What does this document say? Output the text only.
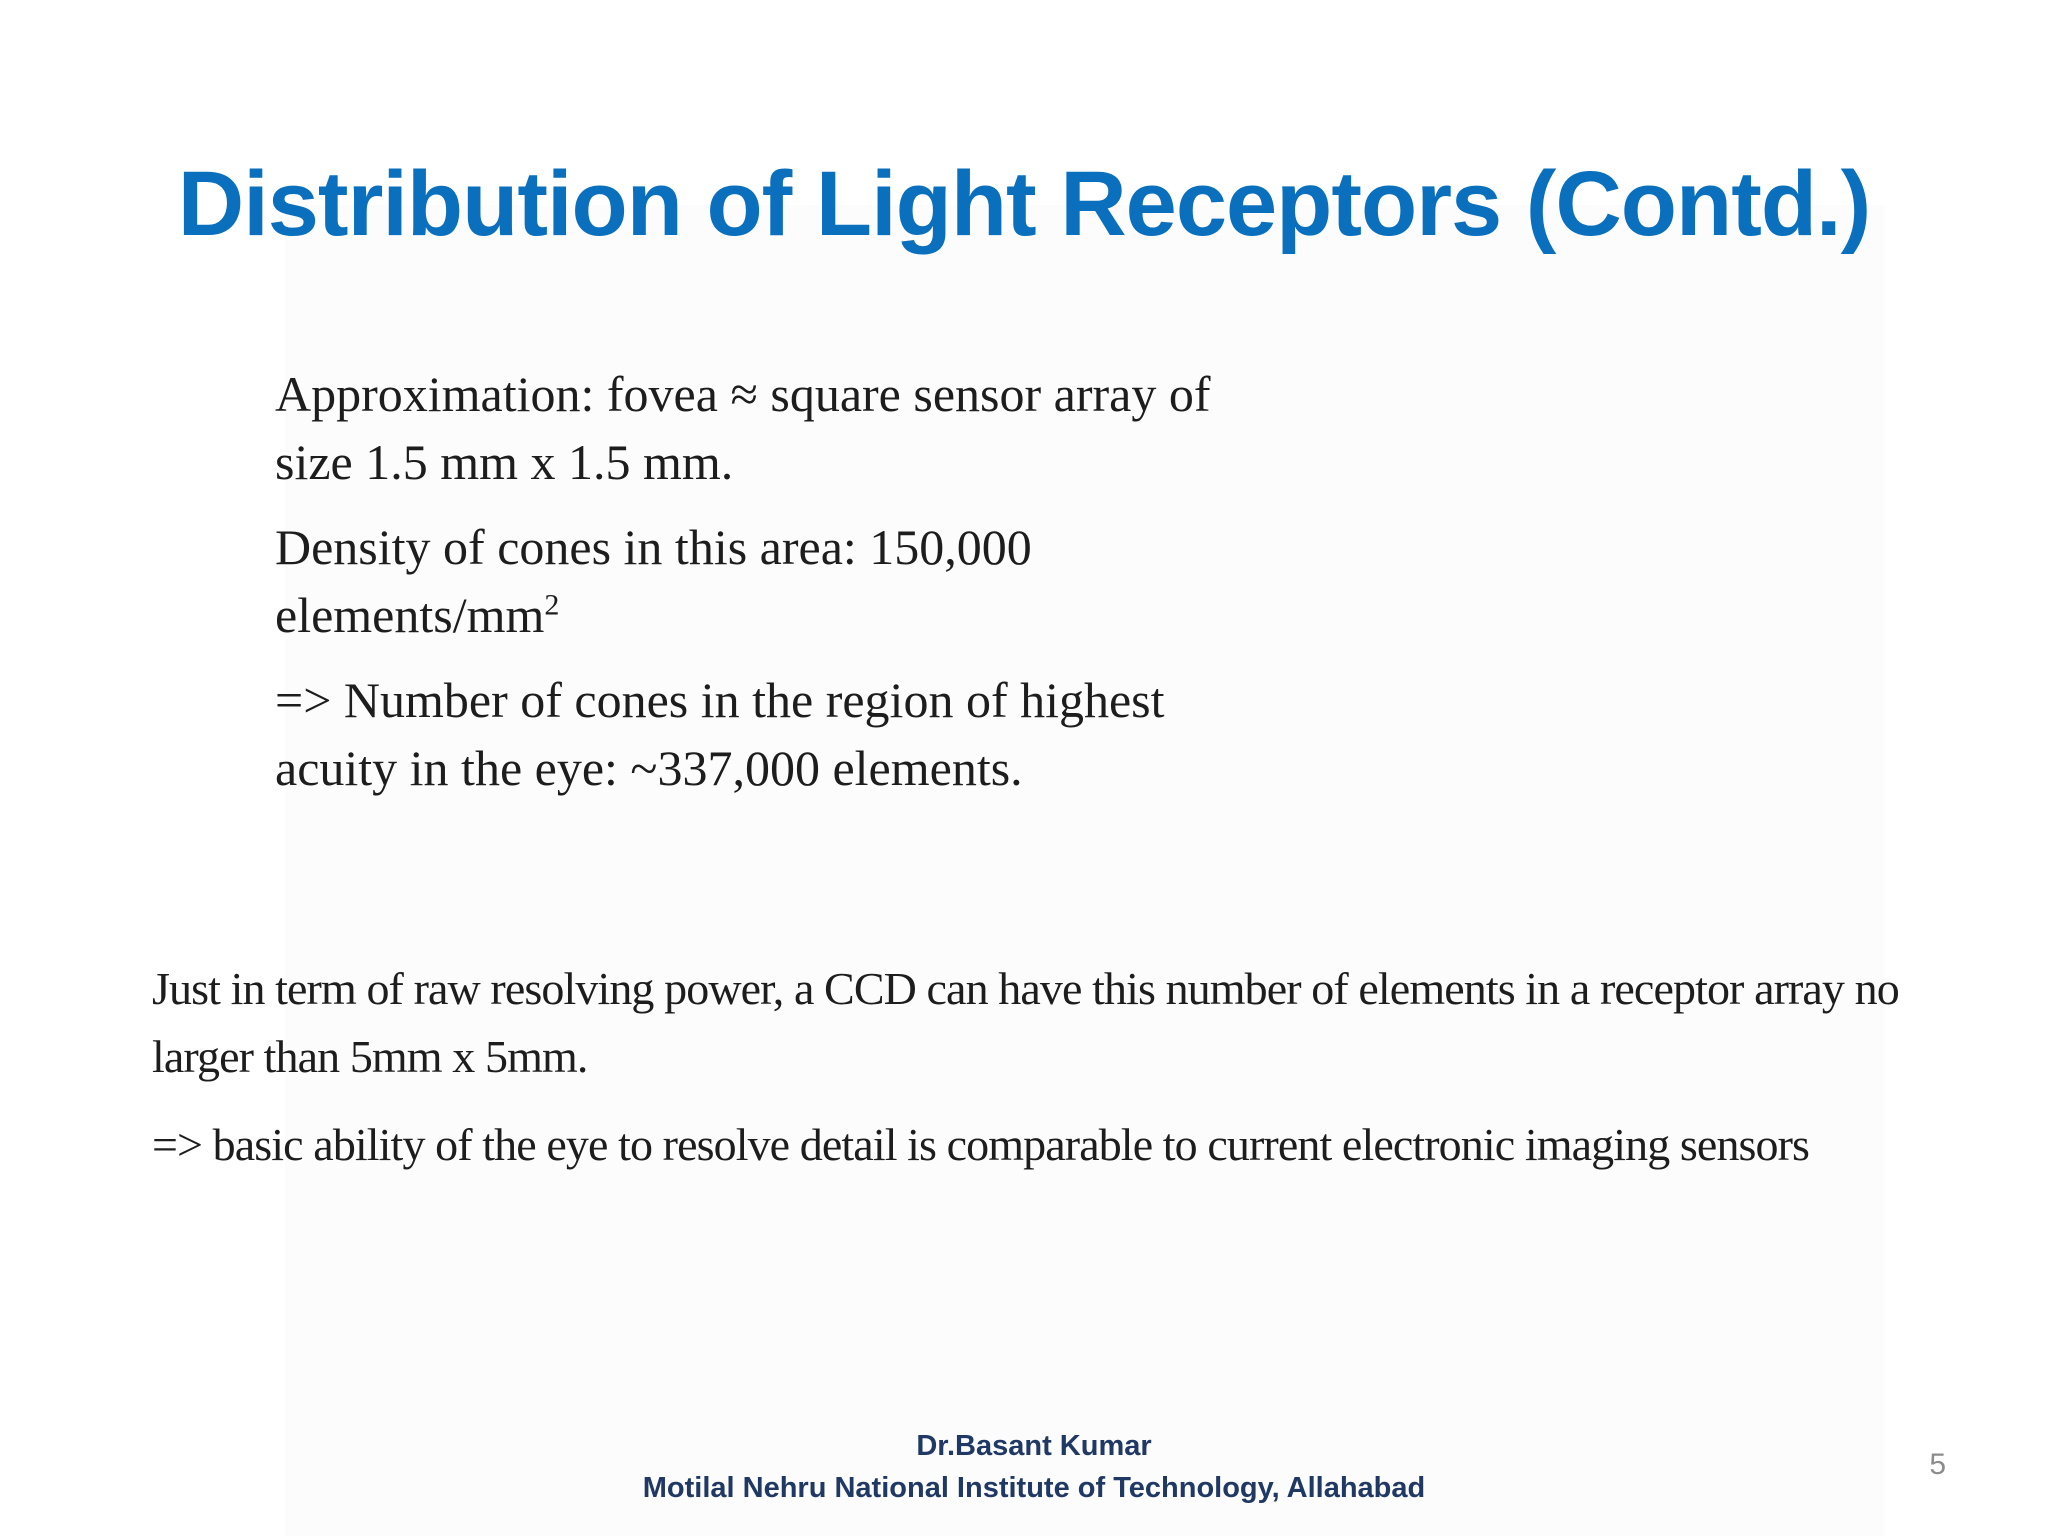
Distribution of Light Receptors (Contd.)

Approximation: fovea ≈ square sensor array of
size 1.5 mm x 1.5 mm.

Density of cones in this area: 150,000
elements/$mm^2$

=> Number of cones in the region of highest
acuity in the eye: ~337,000 elements.

Just in term of raw resolving power, a CCD can have this number of elements in a receptor array no
larger than 5mm x 5mm.

=> basic ability of the eye to resolve detail is comparable to current electronic imaging sensors

Dr.Basant Kumar
Motilal Nehru National Institute of Technology, Allahabad
5
